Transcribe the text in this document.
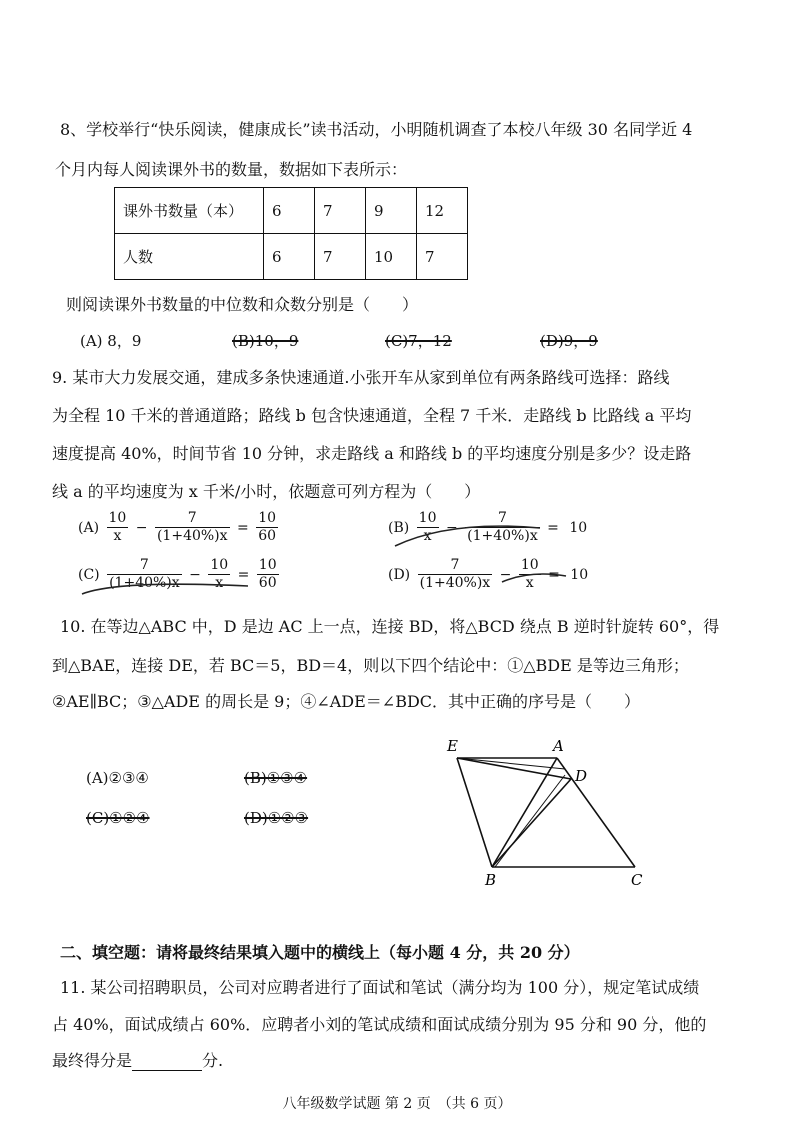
8、学校举行“快乐阅读，健康成长”读书活动，小明随机调查了本校八年级 30 名同学近 4
个月内每人阅读课外书的数量，数据如下表所示：
课外书数量（本）	6	7	9	12
人数	6	7	10	7
则阅读课外书数量的中位数和众数分别是（　　）
(A) 8，9	(B)10，9	(C)7，12	(D)9，9
9. 某市大力发展交通，建成多条快速通道.小张开车从家到单位有两条路线可选择：路线
为全程 10 千米的普通道路；路线 b 包含快速通道，全程 7 千米．走路线 b 比路线 a 平均
速度提高 40%，时间节省 10 分钟，求走路线 a 和路线 b 的平均速度分别是多少？设走路
线 a 的平均速度为 x 千米/小时，依题意可列方程为（　　）
$(A) \frac{10}{x} - \frac{7}{(1+40\%)x} = \frac{10}{60}$	$(B) \frac{10}{x} - \frac{7}{(1+40\%)x} = 10$
$(C) \frac{7}{(1+40\%)x} - \frac{10}{x} = \frac{10}{60}$	$(D) \frac{7}{(1+40\%)x} - \frac{10}{x} = 10$
10. 在等边△ABC 中，D 是边 AC 上一点，连接 BD，将△BCD 绕点 B 逆时针旋转 60°，得
到△BAE，连接 DE，若 BC＝5，BD＝4，则以下四个结论中：①△BDE 是等边三角形；
②AE∥BC；③△ADE 的周长是 9；④∠ADE＝∠BDC．其中正确的序号是（　　）
(A)②③④	(B)①③④
(C)①②④	(D)①②③
E	A
D
B	C
二、填空题：请将最终结果填入题中的横线上（每小题 4 分，共 20 分）
11. 某公司招聘职员，公司对应聘者进行了面试和笔试（满分均为 100 分），规定笔试成绩
占 40%，面试成绩占 60%．应聘者小刘的笔试成绩和面试成绩分别为 95 分和 90 分，他的
最终得分是	分.
八年级数学试题 第 2 页　（共 6 页）
